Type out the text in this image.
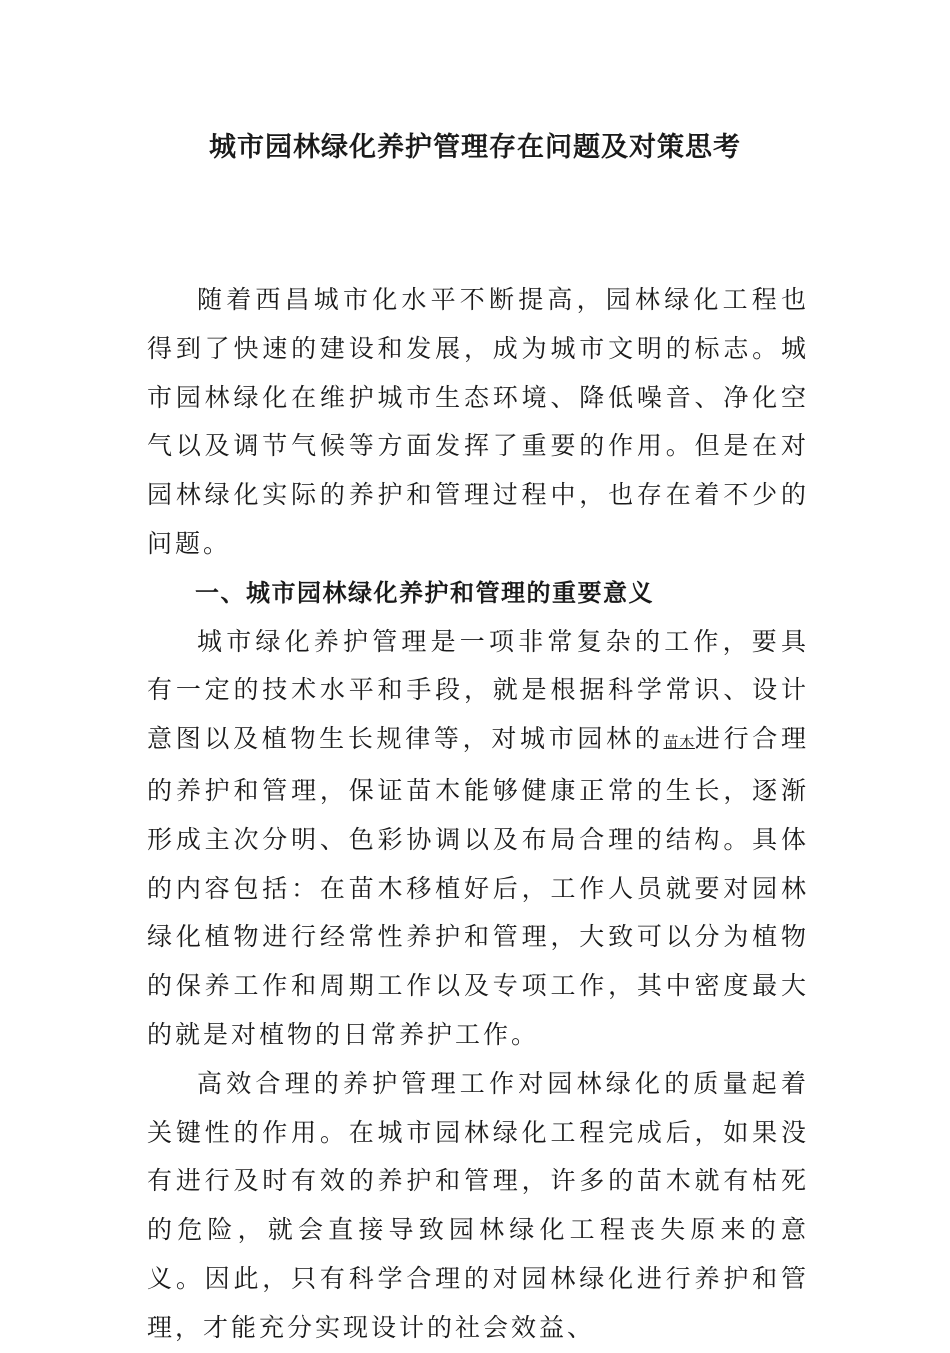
城市园林绿化养护管理存在问题及对策思考

随着西昌城市化水平不断提高，园林绿化工程也得到了快速的建设和发展，成为城市文明的标志。城市园林绿化在维护城市生态环境、降低噪音、净化空气以及调节气候等方面发挥了重要的作用。但是在对园林绿化实际的养护和管理过程中，也存在着不少的问题。

一、城市园林绿化养护和管理的重要意义

城市绿化养护管理是一项非常复杂的工作，要具有一定的技术水平和手段，就是根据科学常识、设计意图以及植物生长规律等，对城市园林的苗木进行合理的养护和管理，保证苗木能够健康正常的生长，逐渐形成主次分明、色彩协调以及布局合理的结构。具体的内容包括：在苗木移植好后，工作人员就要对园林绿化植物进行经常性养护和管理，大致可以分为植物的保养工作和周期工作以及专项工作，其中密度最大的就是对植物的日常养护工作。

高效合理的养护管理工作对园林绿化的质量起着关键性的作用。在城市园林绿化工程完成后，如果没有进行及时有效的养护和管理，许多的苗木就有枯死的危险，就会直接导致园林绿化工程丧失原来的意义。因此，只有科学合理的对园林绿化进行养护和管理，才能充分实现设计的社会效益、
